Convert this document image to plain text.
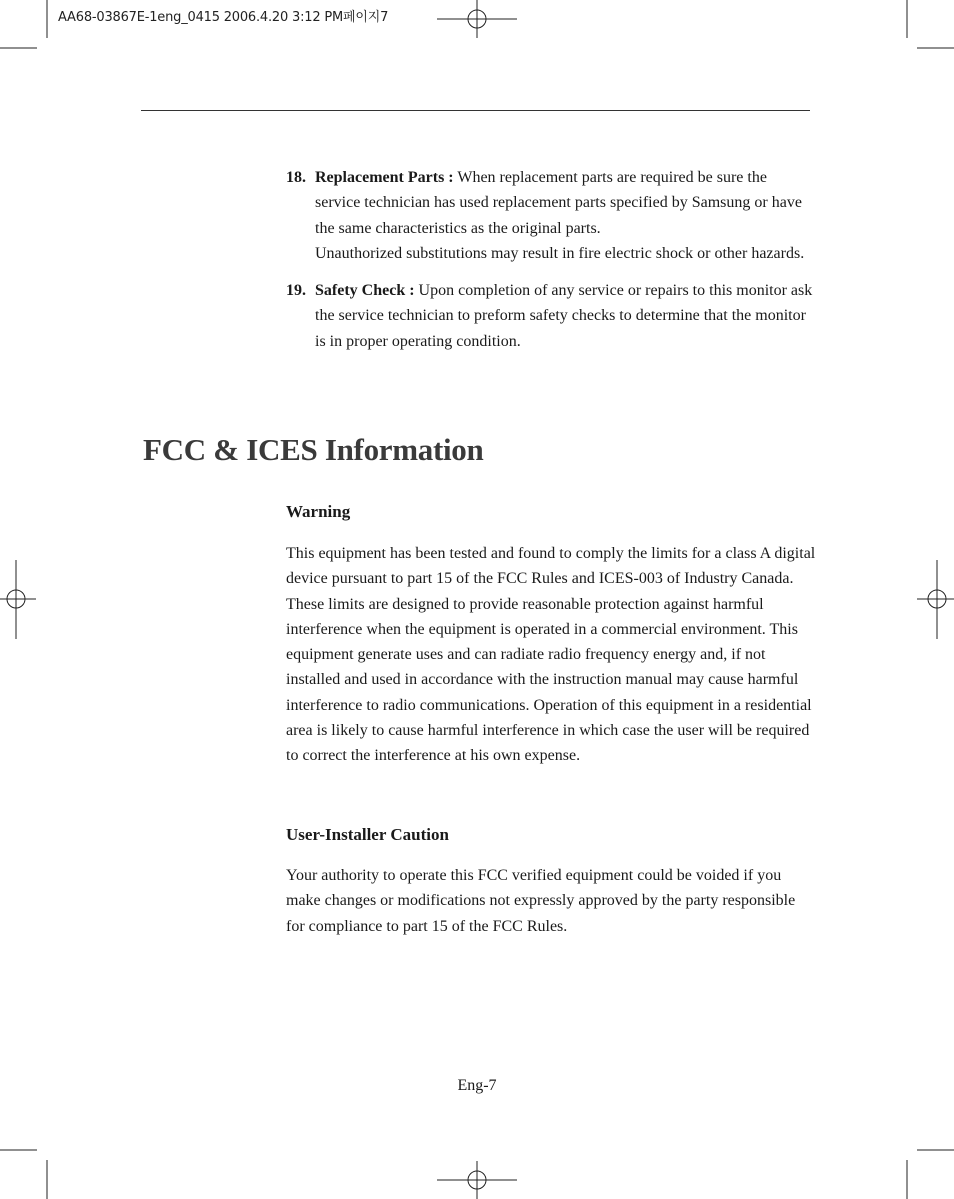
AA68-03867E-1eng_0415 2006.4.20 3:12 PM페이지7
18. Replacement Parts : When replacement parts are required be sure the service technician has used replacement parts specified by Samsung or have the same characteristics as the original parts.

Unauthorized substitutions may result in fire electric shock or other hazards.

19. Safety Check : Upon completion of any service or repairs to this monitor ask the service technician to preform safety checks to determine that the monitor is in proper operating condition.

FCC & ICES Information
Warning

This equipment has been tested and found to comply the limits for a class A digital device pursuant to part 15 of the FCC Rules and ICES-003 of Industry Canada. These limits are designed to provide reasonable protection against harmful interference when the equipment is operated in a commercial environment. This equipment generate uses and can radiate radio frequency energy and, if not installed and used in accordance with the instruction manual may cause harmful interference to radio communications. Operation of this equipment in a residential area is likely to cause harmful interference in which case the user will be required to correct the interference at his own expense.

User-Installer Caution

Your authority to operate this FCC verified equipment could be voided if you make changes or modifications not expressly approved by the party responsible for compliance to part 15 of the FCC Rules.

Eng-7
